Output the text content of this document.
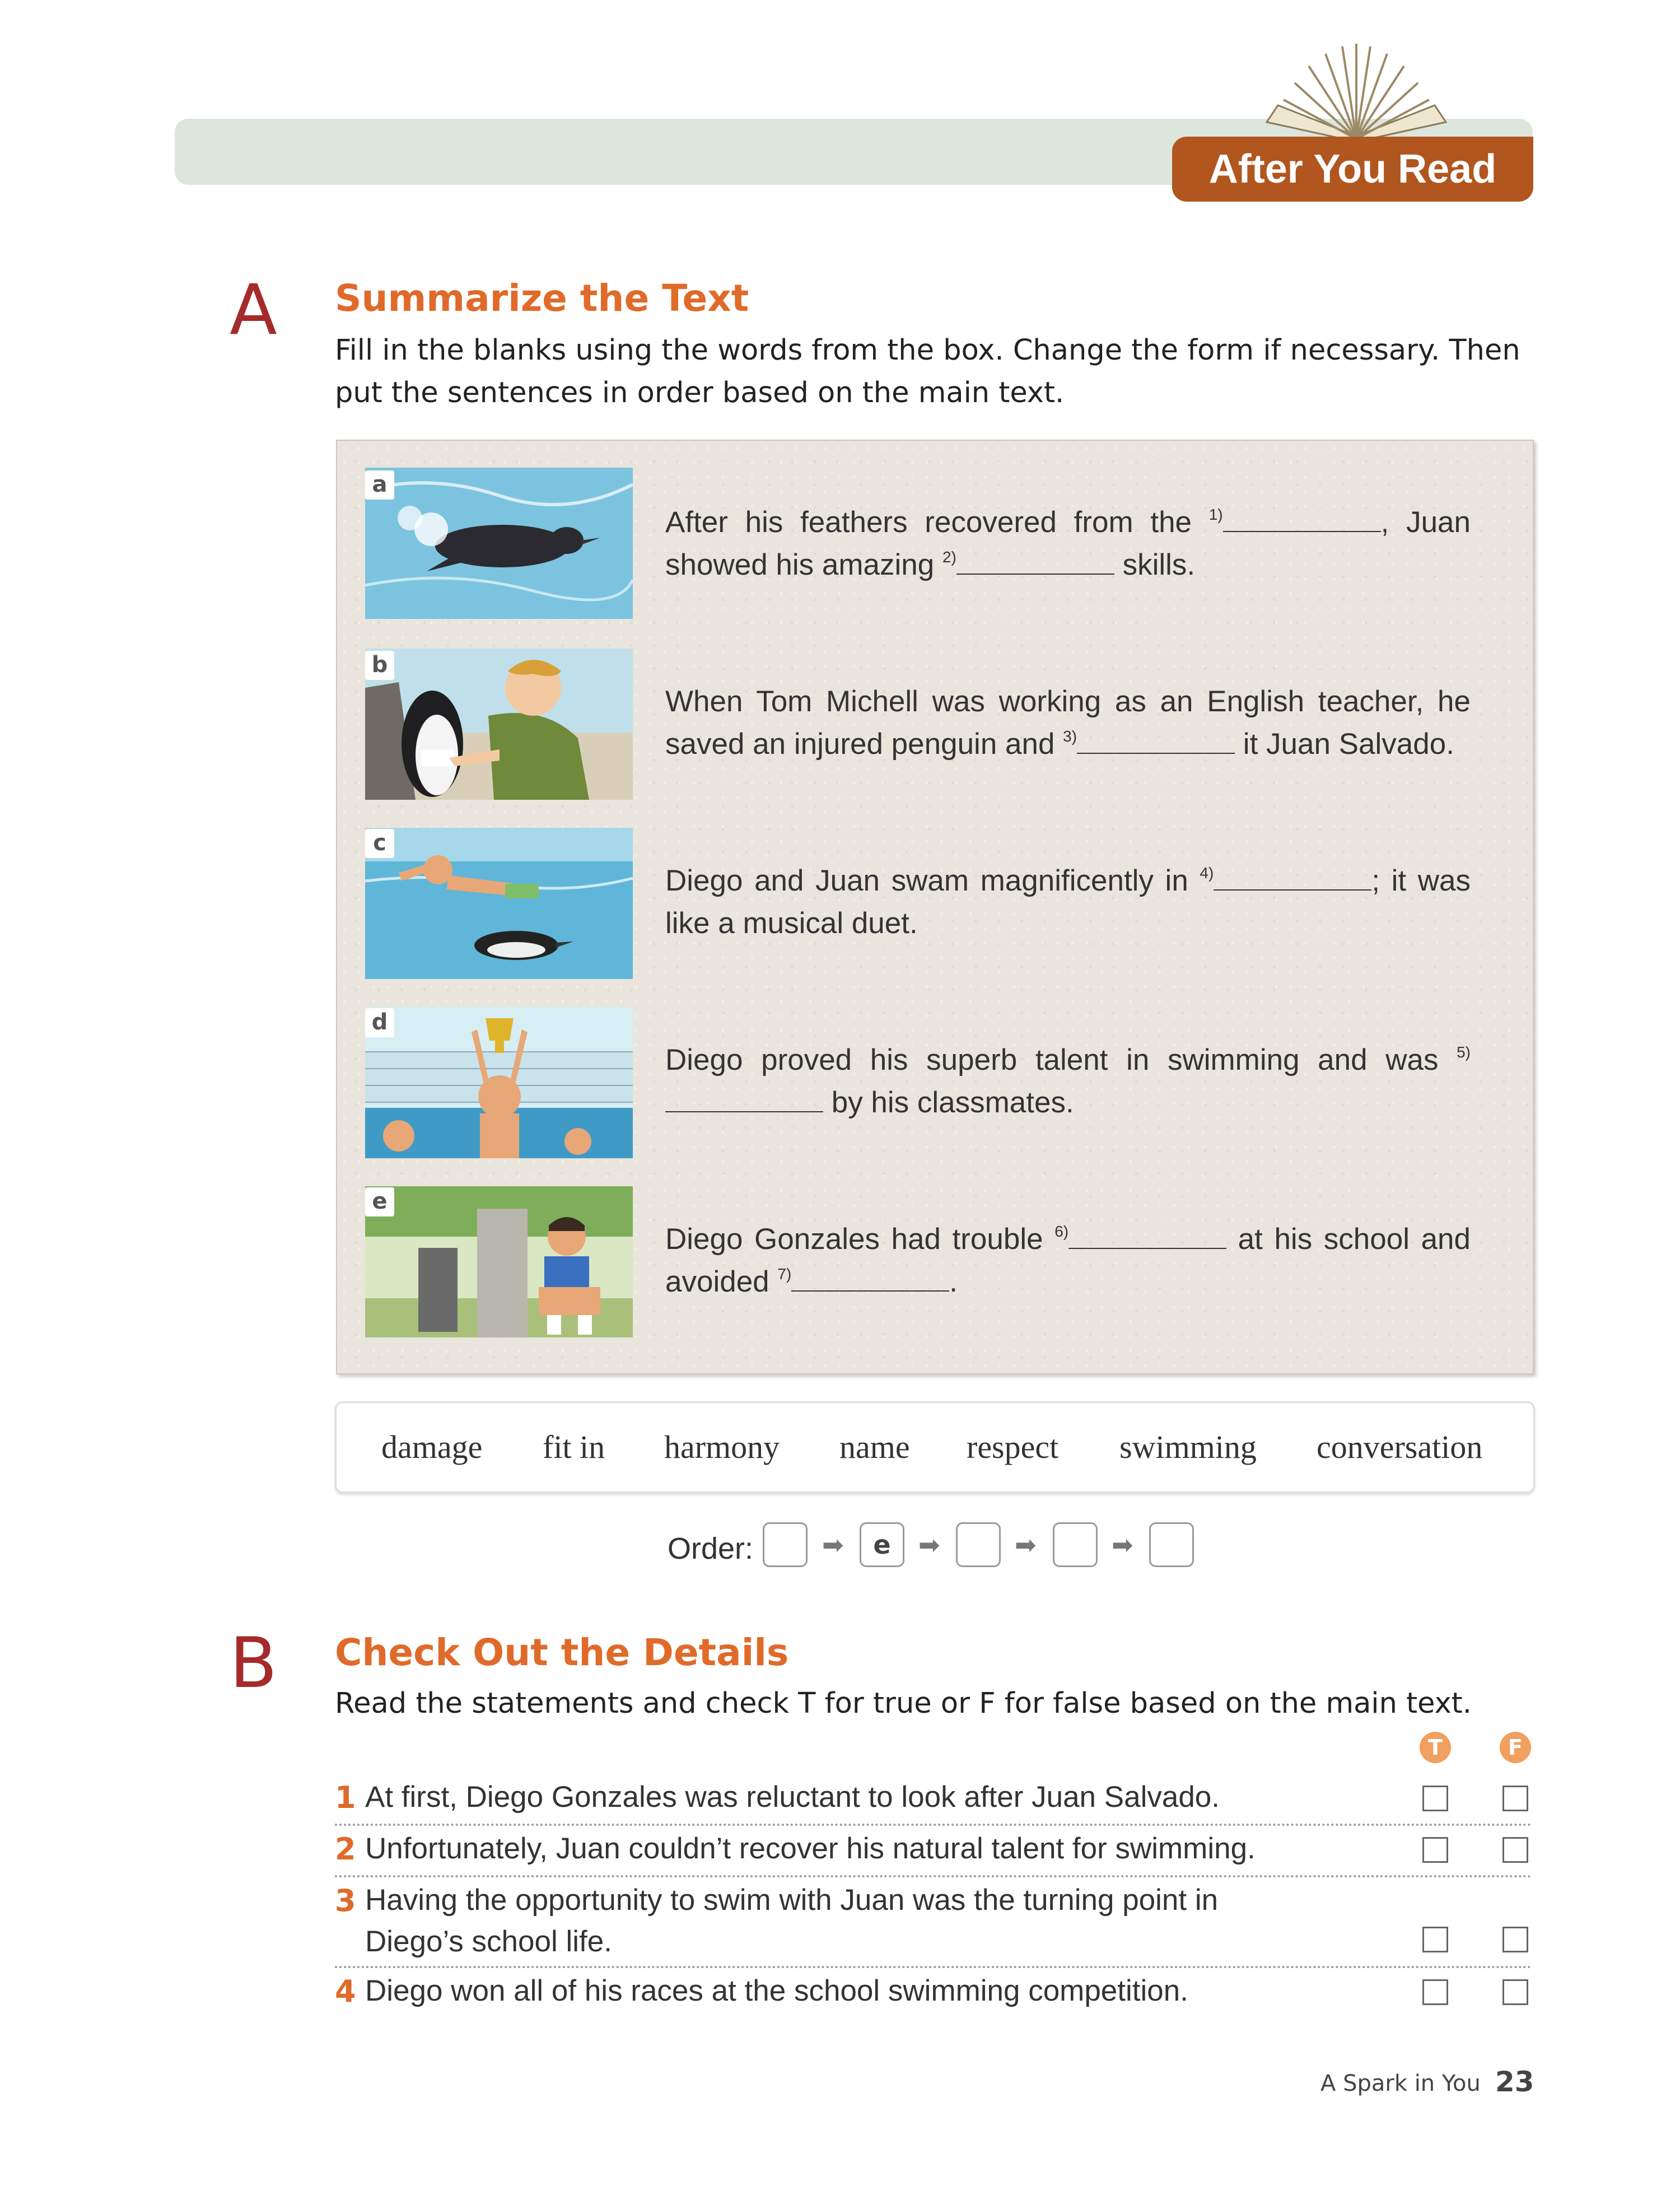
After You Read
A Summarize the Text
Fill in the blanks using the words from the box. Change the form if necessary. Then put the sentences in order based on the main text.
a
b
c
d
e
After his feathers recovered from the $^{1)}$	, Juan showed his amazing $^{2)}$	skills.
When Tom Michell was working as an English teacher, he saved an injured penguin and $^{3)}$	it Juan Salvado.
Diego and Juan swam magnificently in $^{4)}$	; it was like a musical duet.
Diego proved his superb talent in swimming and was $^{5)}$ by his classmates.
Diego Gonzales had trouble $^{6)}$	at his school and avoided $^{7)}$	.
damage fit in harmony name respect swimming conversation
Order:	➡	e	➡	➡	➡
B Check Out the Details
Read the statements and check T for true or F for false based on the main text.
T	F
1 At first, Diego Gonzales was reluctant to look after Juan Salvado.
2 Unfortunately, Juan couldn’t recover his natural talent for swimming.
3 Having the opportunity to swim with Juan was the turning point in Diego’s school life.
4 Diego won all of his races at the school swimming competition.
A Spark in You 23
